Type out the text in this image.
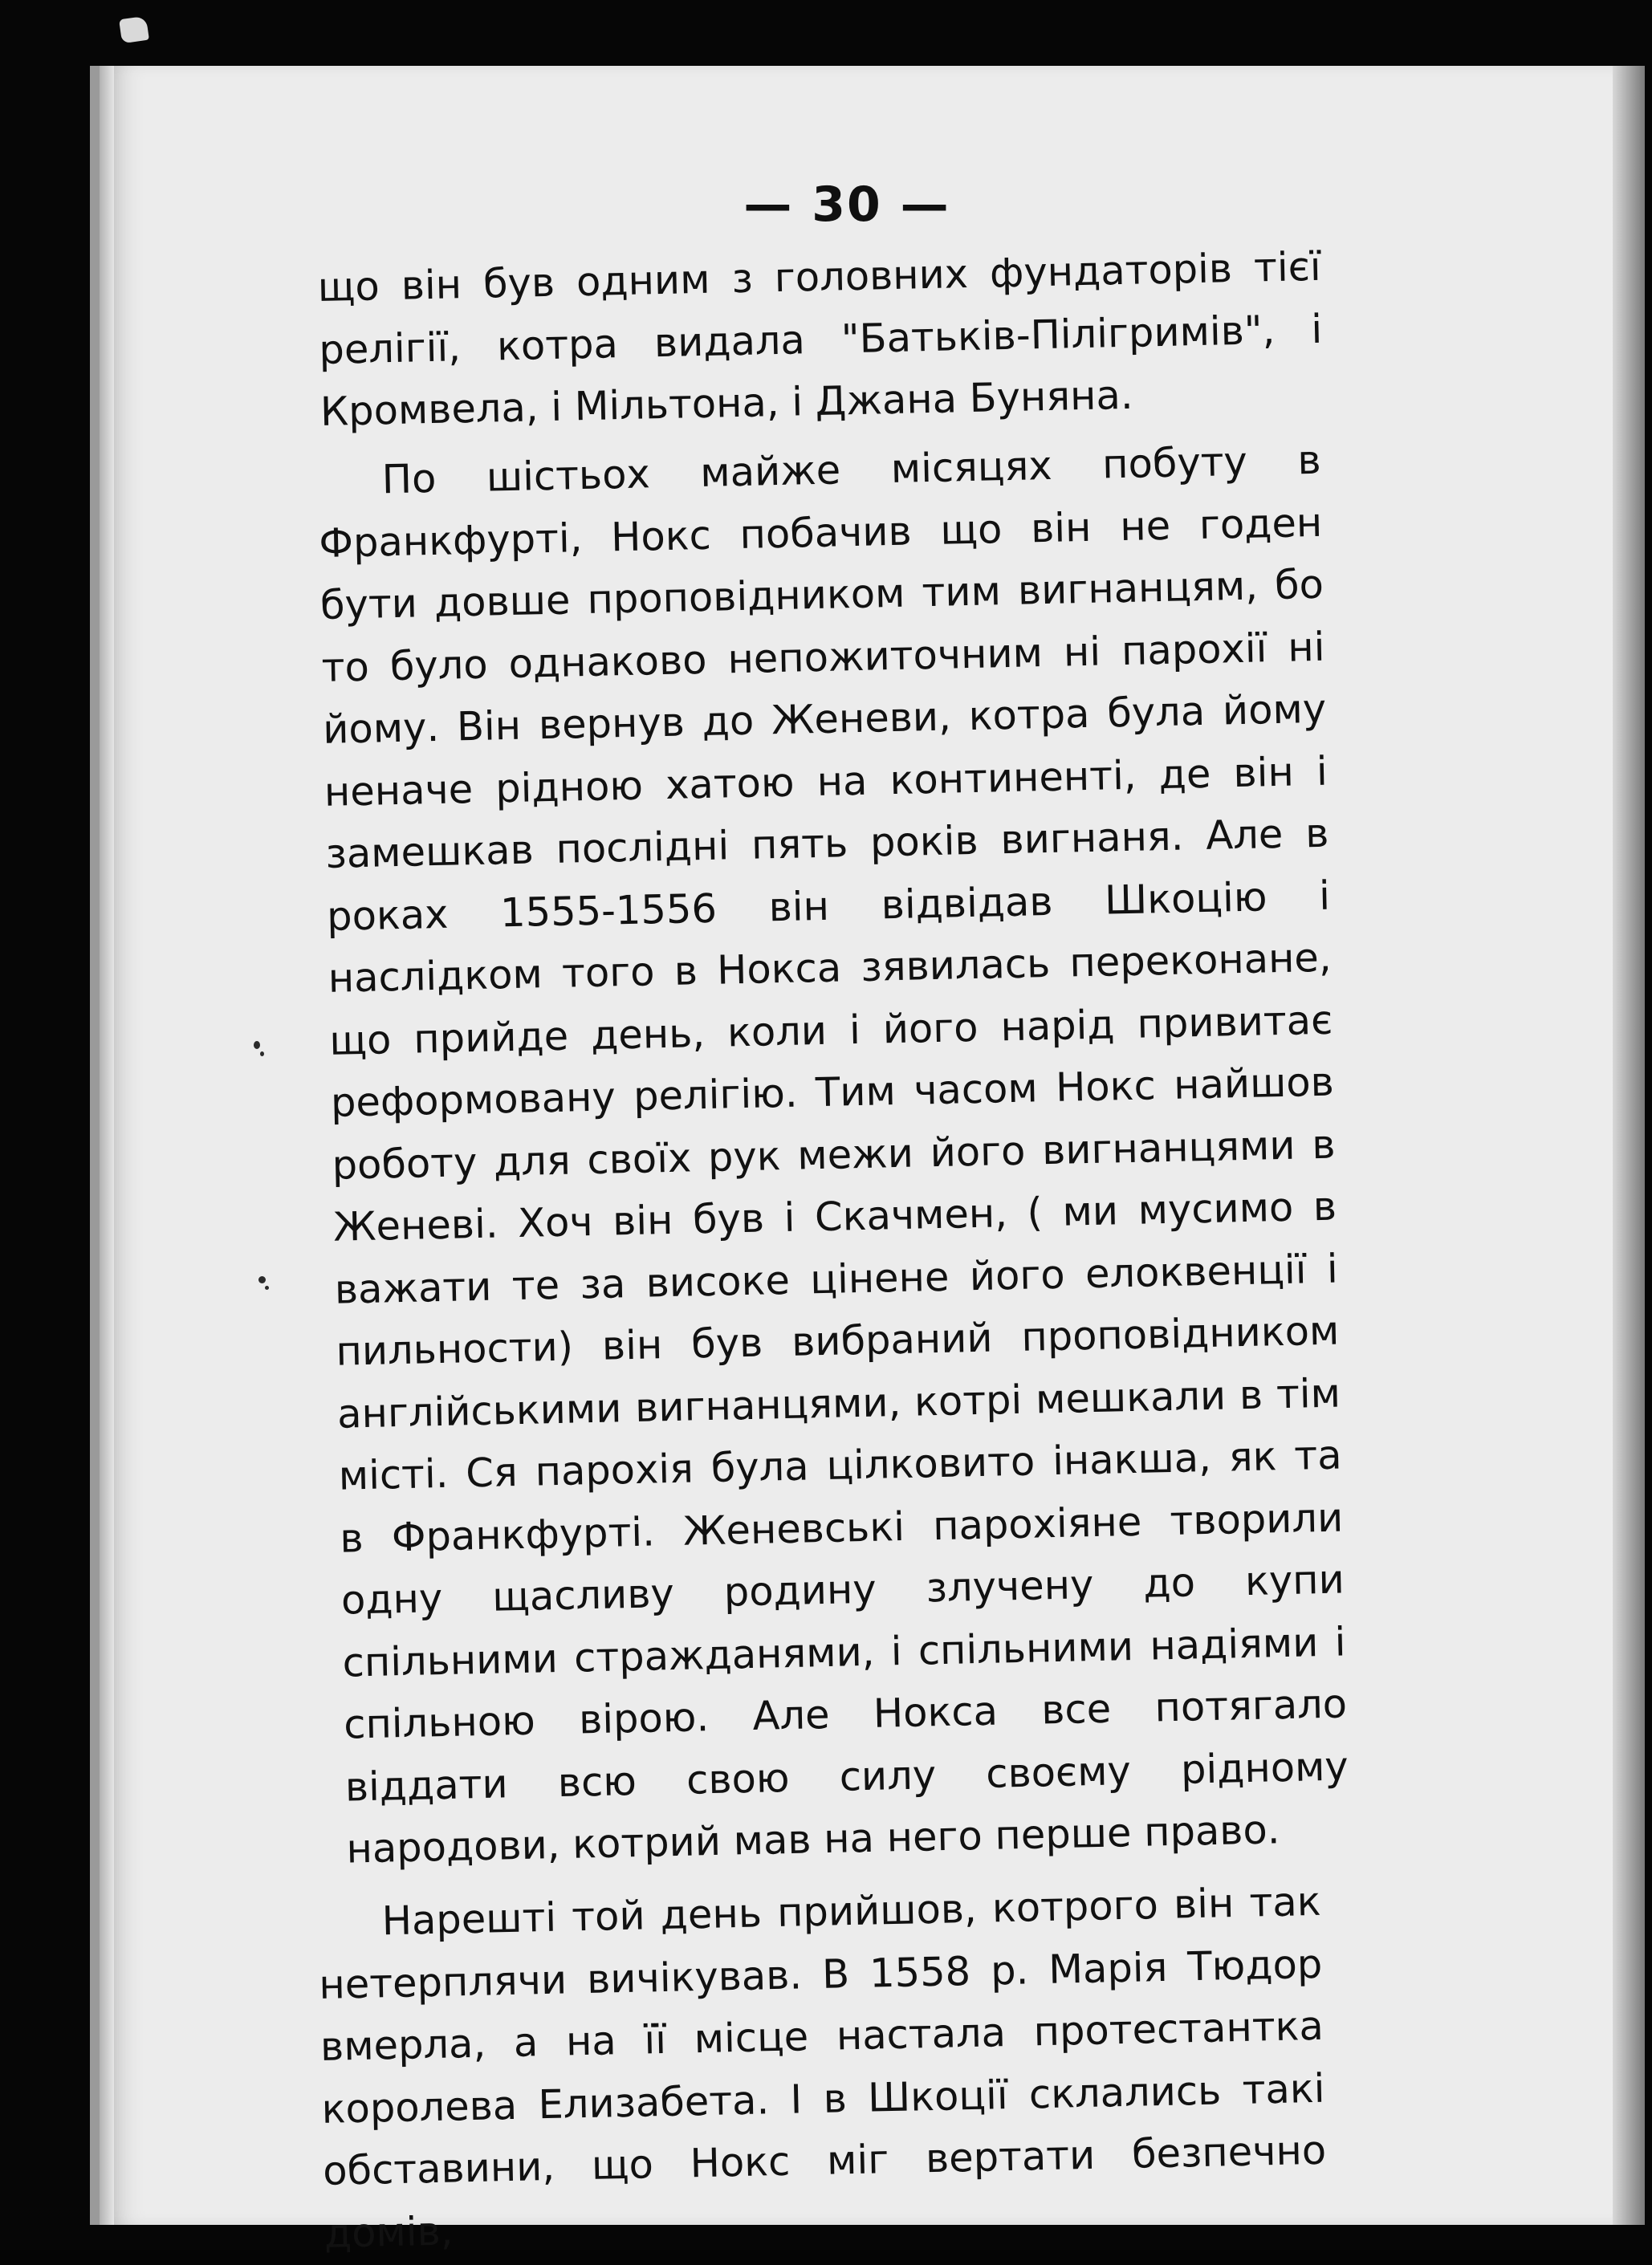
— 30 —

що він був одним з головних фундаторів тієї релігії, котра видала "Батьків-Пілігримів", і Кромвела, і Мільтона, і Джана Буняна.

По шістьох майже місяцях побуту в Франкфурті, Нокс побачив що він не годен бути довше проповідником тим вигнанцям, бо то було однаково непожиточним ні парохії ні йому. Він вернув до Женеви, котра була йому неначе рідною хатою на континенті, де він і замешкав послідні пять років вигнаня. Але в роках 1555-1556 він відвідав Шкоцію і наслідком того в Нокса зявилась переконане, що прийде день, коли і його нарід привитає реформовану релігію. Тим часом Нокс найшов роботу для своїх рук межи його вигнанцями в Женеві. Хоч він був і Скачмен, ( ми мусимо в важати те за високе цінене його елоквенції і пильности) він був вибраний проповідником англійськими вигнанцями, котрі мешкали в тім місті. Ся парохія була цілковито інакша, як та в Франкфурті. Женевські парохіяне творили одну щасливу родину злучену до купи спільними стражданями, і спільними надіями і спільною вірою. Але Нокса все потягало віддати всю свою силу своєму рідному народови, котрий мав на него перше право.

Нарешті той день прийшов, котрого він так нетерплячи вичікував. В 1558 р. Марія Тюдор вмерла, а на її місце настала протестантка королева Елизабета. І в Шкоції склались такі обставини, що Нокс міг вертати безпечно домів,
